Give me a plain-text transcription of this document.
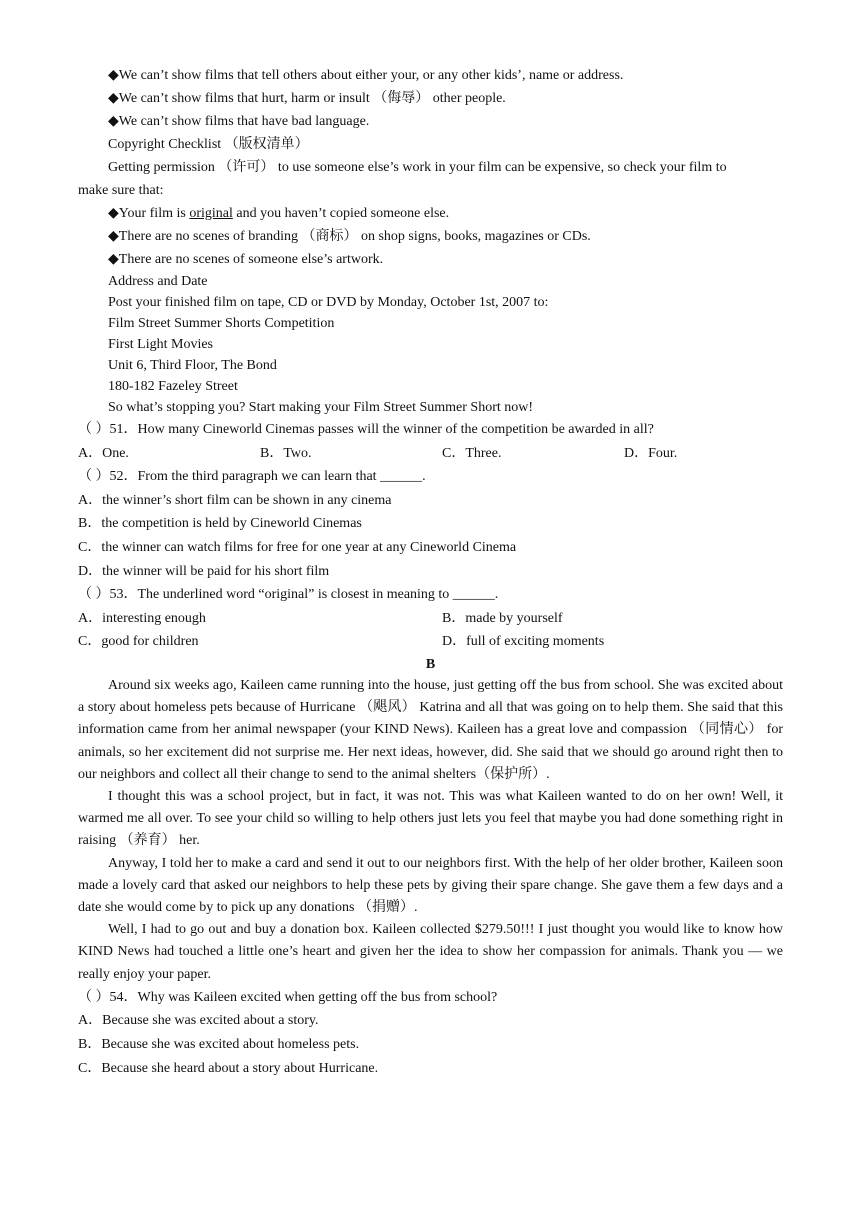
◆We can’t show films that tell others about either your, or any other kids’, name or address.
◆We can’t show films that hurt, harm or insult （侮辱） other people.
◆We can’t show films that have bad language.
Copyright Checklist （版权清单）
Getting permission （许可） to use someone else’s work in your film can be expensive, so check your film to
make sure that:
◆Your film is original and you haven’t copied someone else.
◆There are no scenes of branding （商标） on shop signs, books, magazines or CDs.
◆There are no scenes of someone else’s artwork.
Address and Date
Post your finished film on tape, CD or DVD by Monday, October 1st, 2007 to:
Film Street Summer Shorts Competition
First Light Movies
Unit 6, Third Floor, The Bond
180-182 Fazeley Street
So what’s stopping you? Start making your Film Street Summer Short now!
（ ）51．How many Cineworld Cinemas passes will the winner of the competition be awarded in all?
A．One.	B．Two.	C．Three.	D．Four.
（ ）52．From the third paragraph we can learn that ______.
A．the winner’s short film can be shown in any cinema
B．the competition is held by Cineworld Cinemas
C．the winner can watch films for free for one year at any Cineworld Cinema
D．the winner will be paid for his short film
（ ）53．The underlined word “original” is closest in meaning to ______.
A．interesting enough	B．made by yourself
C．good for children	D．full of exciting moments
B

Around six weeks ago, Kaileen came running into the house, just getting off the bus from school. She was excited about a story about homeless pets because of Hurricane （飓风） Katrina and all that was going on to help them. She said that this information came from her animal newspaper (your KIND News). Kaileen has a great love and compassion （同情心） for animals, so her excitement did not surprise me. Her next ideas, however, did. She said that we should go around right then to our neighbors and collect all their change to send to the animal shelters（保护所）.

I thought this was a school project, but in fact, it was not. This was what Kaileen wanted to do on her own! Well, it warmed me all over. To see your child so willing to help others just lets you feel that maybe you had done something right in raising （养育） her.

Anyway, I told her to make a card and send it out to our neighbors first. With the help of her older brother, Kaileen soon made a lovely card that asked our neighbors to help these pets by giving their spare change. She gave them a few days and a date she would come by to pick up any donations （捐赠）.

Well, I had to go out and buy a donation box. Kaileen collected $279.50!!! I just thought you would like to know how KIND News had touched a little one’s heart and given her the idea to show her compassion for animals. Thank you — we really enjoy your paper.

（ ）54．Why was Kaileen excited when getting off the bus from school?
A．Because she was excited about a story.
B．Because she was excited about homeless pets.
C．Because she heard about a story about Hurricane.
